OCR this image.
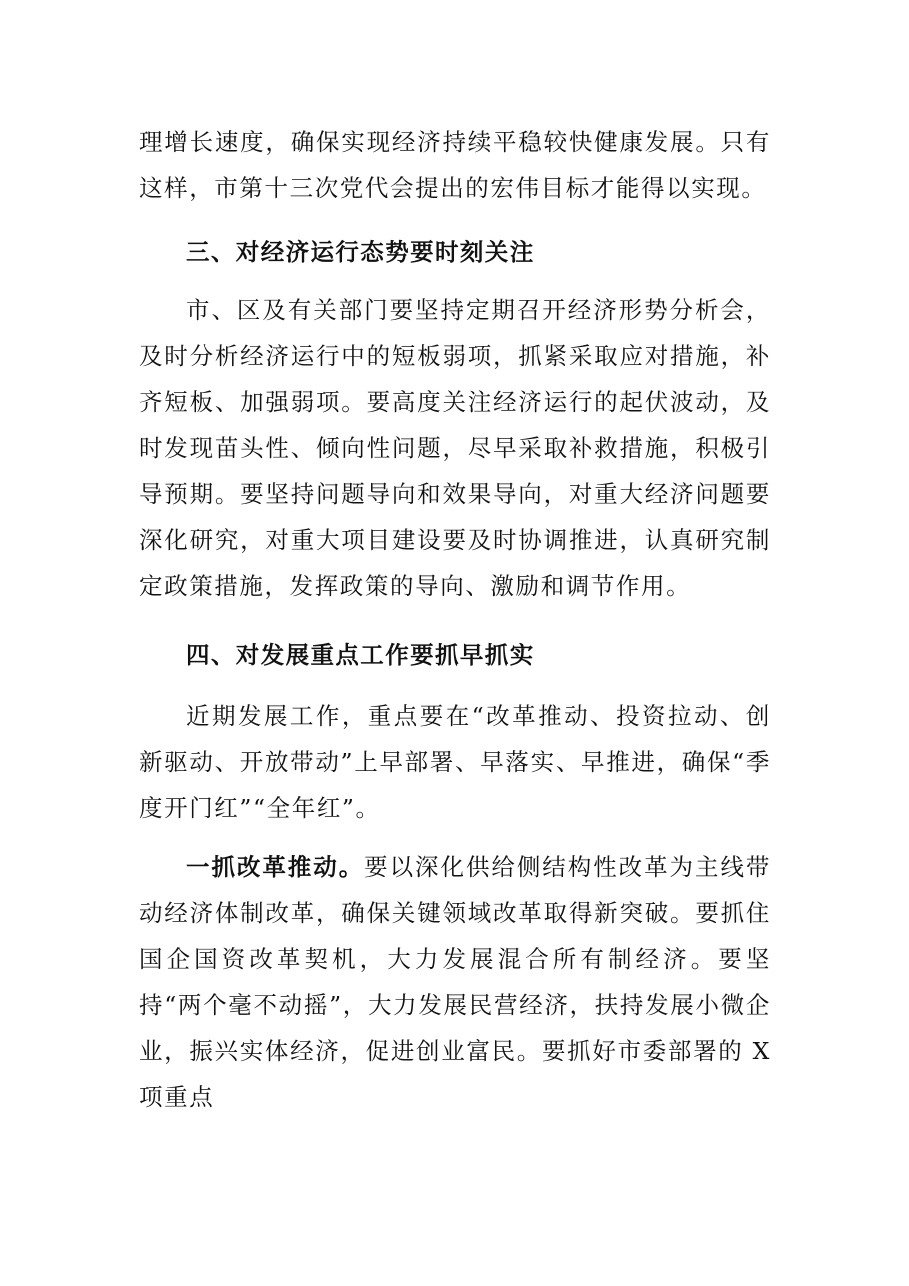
理增长速度，确保实现经济持续平稳较快健康发展。只有这样，市第十三次党代会提出的宏伟目标才能得以实现。

三、对经济运行态势要时刻关注

市、区及有关部门要坚持定期召开经济形势分析会，及时分析经济运行中的短板弱项，抓紧采取应对措施，补齐短板、加强弱项。要高度关注经济运行的起伏波动，及时发现苗头性、倾向性问题，尽早采取补救措施，积极引导预期。要坚持问题导向和效果导向，对重大经济问题要深化研究，对重大项目建设要及时协调推进，认真研究制定政策措施，发挥政策的导向、激励和调节作用。

四、对发展重点工作要抓早抓实

近期发展工作，重点要在“改革推动、投资拉动、创新驱动、开放带动”上早部署、早落实、早推进，确保“季度开门红”“全年红”。

一抓改革推动。要以深化供给侧结构性改革为主线带动经济体制改革，确保关键领域改革取得新突破。要抓住国企国资改革契机，大力发展混合所有制经济。要坚持“两个毫不动摇”，大力发展民营经济，扶持发展小微企业，振兴实体经济，促进创业富民。要抓好市委部署的 X 项重点
